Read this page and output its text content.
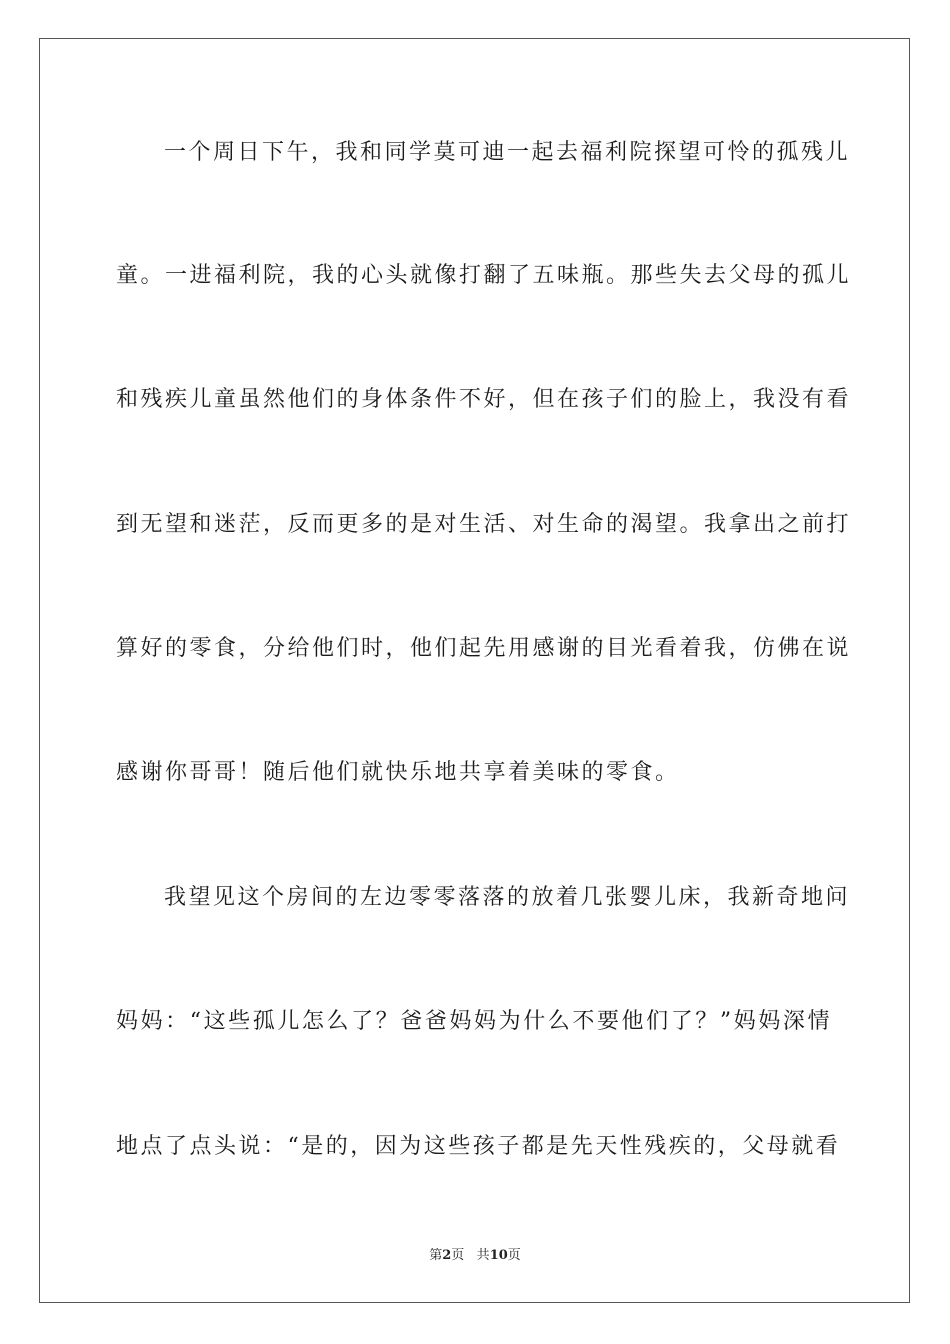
一个周日下午，我和同学莫可迪一起去福利院探望可怜的孤残儿
童。一进福利院，我的心头就像打翻了五味瓶。那些失去父母的孤儿
和残疾儿童虽然他们的身体条件不好，但在孩子们的脸上，我没有看
到无望和迷茫，反而更多的是对生活、对生命的渴望。我拿出之前打
算好的零食，分给他们时，他们起先用感谢的目光看着我，仿佛在说
感谢你哥哥！随后他们就快乐地共享着美味的零食。
我望见这个房间的左边零零落落的放着几张婴儿床，我新奇地问
妈妈：“这些孤儿怎么了？爸爸妈妈为什么不要他们了？”妈妈深情
地点了点头说：“是的，因为这些孩子都是先天性残疾的，父母就看
第2页 共10页
